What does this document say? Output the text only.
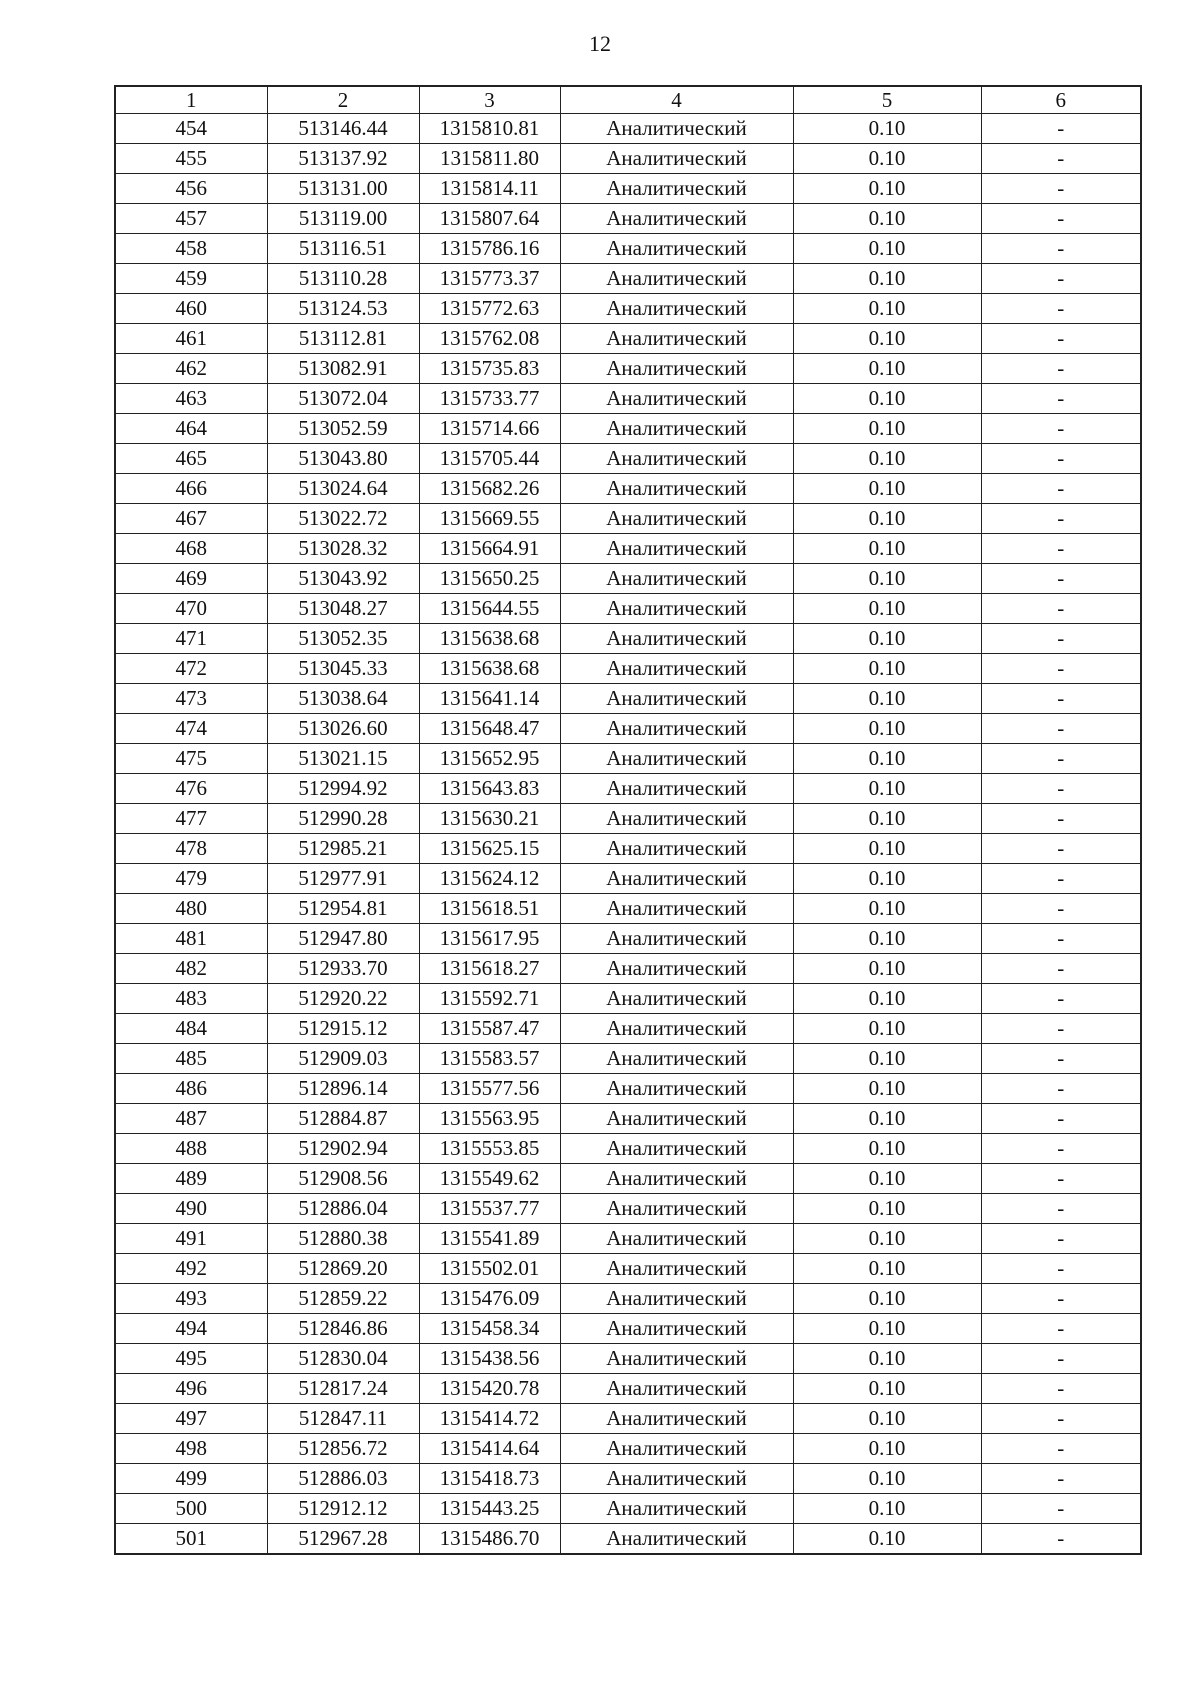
12
1	2	3	4	5	6
454	513146.44	1315810.81	Аналитический	0.10	-
455	513137.92	1315811.80	Аналитический	0.10	-
456	513131.00	1315814.11	Аналитический	0.10	-
457	513119.00	1315807.64	Аналитический	0.10	-
458	513116.51	1315786.16	Аналитический	0.10	-
459	513110.28	1315773.37	Аналитический	0.10	-
460	513124.53	1315772.63	Аналитический	0.10	-
461	513112.81	1315762.08	Аналитический	0.10	-
462	513082.91	1315735.83	Аналитический	0.10	-
463	513072.04	1315733.77	Аналитический	0.10	-
464	513052.59	1315714.66	Аналитический	0.10	-
465	513043.80	1315705.44	Аналитический	0.10	-
466	513024.64	1315682.26	Аналитический	0.10	-
467	513022.72	1315669.55	Аналитический	0.10	-
468	513028.32	1315664.91	Аналитический	0.10	-
469	513043.92	1315650.25	Аналитический	0.10	-
470	513048.27	1315644.55	Аналитический	0.10	-
471	513052.35	1315638.68	Аналитический	0.10	-
472	513045.33	1315638.68	Аналитический	0.10	-
473	513038.64	1315641.14	Аналитический	0.10	-
474	513026.60	1315648.47	Аналитический	0.10	-
475	513021.15	1315652.95	Аналитический	0.10	-
476	512994.92	1315643.83	Аналитический	0.10	-
477	512990.28	1315630.21	Аналитический	0.10	-
478	512985.21	1315625.15	Аналитический	0.10	-
479	512977.91	1315624.12	Аналитический	0.10	-
480	512954.81	1315618.51	Аналитический	0.10	-
481	512947.80	1315617.95	Аналитический	0.10	-
482	512933.70	1315618.27	Аналитический	0.10	-
483	512920.22	1315592.71	Аналитический	0.10	-
484	512915.12	1315587.47	Аналитический	0.10	-
485	512909.03	1315583.57	Аналитический	0.10	-
486	512896.14	1315577.56	Аналитический	0.10	-
487	512884.87	1315563.95	Аналитический	0.10	-
488	512902.94	1315553.85	Аналитический	0.10	-
489	512908.56	1315549.62	Аналитический	0.10	-
490	512886.04	1315537.77	Аналитический	0.10	-
491	512880.38	1315541.89	Аналитический	0.10	-
492	512869.20	1315502.01	Аналитический	0.10	-
493	512859.22	1315476.09	Аналитический	0.10	-
494	512846.86	1315458.34	Аналитический	0.10	-
495	512830.04	1315438.56	Аналитический	0.10	-
496	512817.24	1315420.78	Аналитический	0.10	-
497	512847.11	1315414.72	Аналитический	0.10	-
498	512856.72	1315414.64	Аналитический	0.10	-
499	512886.03	1315418.73	Аналитический	0.10	-
500	512912.12	1315443.25	Аналитический	0.10	-
501	512967.28	1315486.70	Аналитический	0.10	-
